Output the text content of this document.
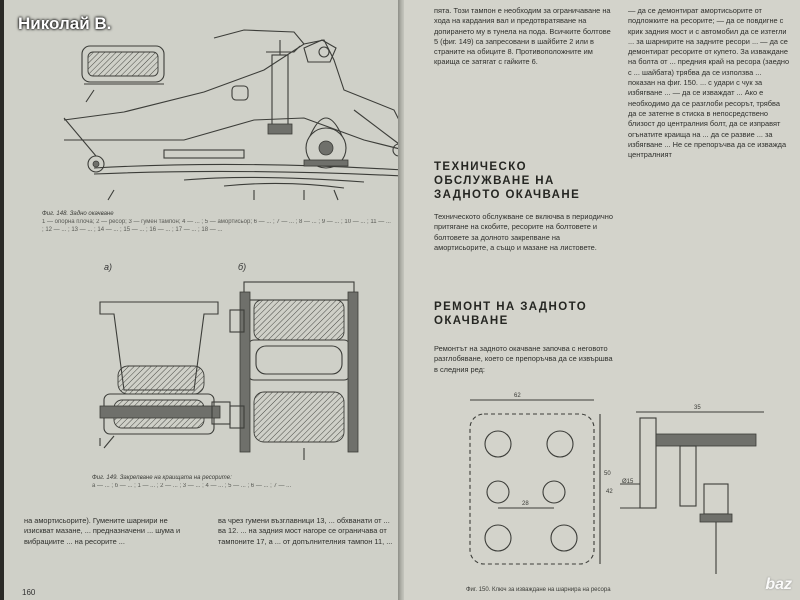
Николай В.
Фиг. 148. Задно окачване
1 — опорна плоча; 2 — ресор; 3 — гумен тампон; 4 — ... ; 5 — амортисьор; 6 — ... ; 7 — ... ; 8 — ... ; 9 — ... ; 10 — ... ; 11 — ... ; 12 — ... ; 13 — ... ; 14 — ... ; 15 — ... ; 16 — ... ; 17 — ... ; 18 — ...
а)	б)
Фиг. 149. Закрепване на краищата на ресорите:
а — ... ; б — ... ; 1 — ... ; 2 — ... ; 3 — ... ; 4 — ... ; 5 — ... ; 6 — ... ; 7 — ...

на амортисьорите). Гумените шарнири не изискват мазане, ... предназначени ... шума и вибрациите ... на ресорите ...

ва чрез гумени възглавници 13, ... обхванати от ... ва 12. ... на задния мост нагоре се ограничава от тампоните 17, а ... от допълнителния тампон 11, ...

160

пята. Този тампон е необходим за ограничаване на хода на кардания вал и предотвратяване на допирането му в тунела на пода. Всичките болтове 5 (фиг. 149) са запресовани в шайбите 2 или в страните на обиците 8. Противоположните им краища се затягат с гайките 6.

ТЕХНИЧЕСКО ОБСЛУЖВАНЕ НА ЗАДНОТО ОКАЧВАНЕ

Техническото обслужване се включва в периодично притягане на скобите, ресорите на болтовете и болтовете за долното закрепване на амортисьорите, а също и мазане на листовете.

РЕМОНТ НА ЗАДНОТО ОКАЧВАНЕ

Ремонтът на задното окачване започва с неговото разглобяване, което се препоръчва да се извършва в следния ред:

— да се демонтират амортисьорите от подложките на ресорите; — да се повдигне с крик задния мост и с автомобил да се изтегли ... за шарнирите на задните ресори ... — да се демонтират ресорите от купето. За изваждане на болта от ... предния край на ресора (заедно с ... шайбата) трябва да се използва ... показан на фиг. 150. ... с удари с чук за избягване ... — да се изваждат ... Ако е необходимо да се разглоби ресорът, трябва да се затегне в стиска в непосредствено близост до централния болт, да се изправят огънатите краища на ... да се развие ... за избягване ... Не се препоръчва да се изважда централният

62
50
42
28
Ø15
35
Фиг. 150. Ключ за изваждане на шарнира на ресора	baz
